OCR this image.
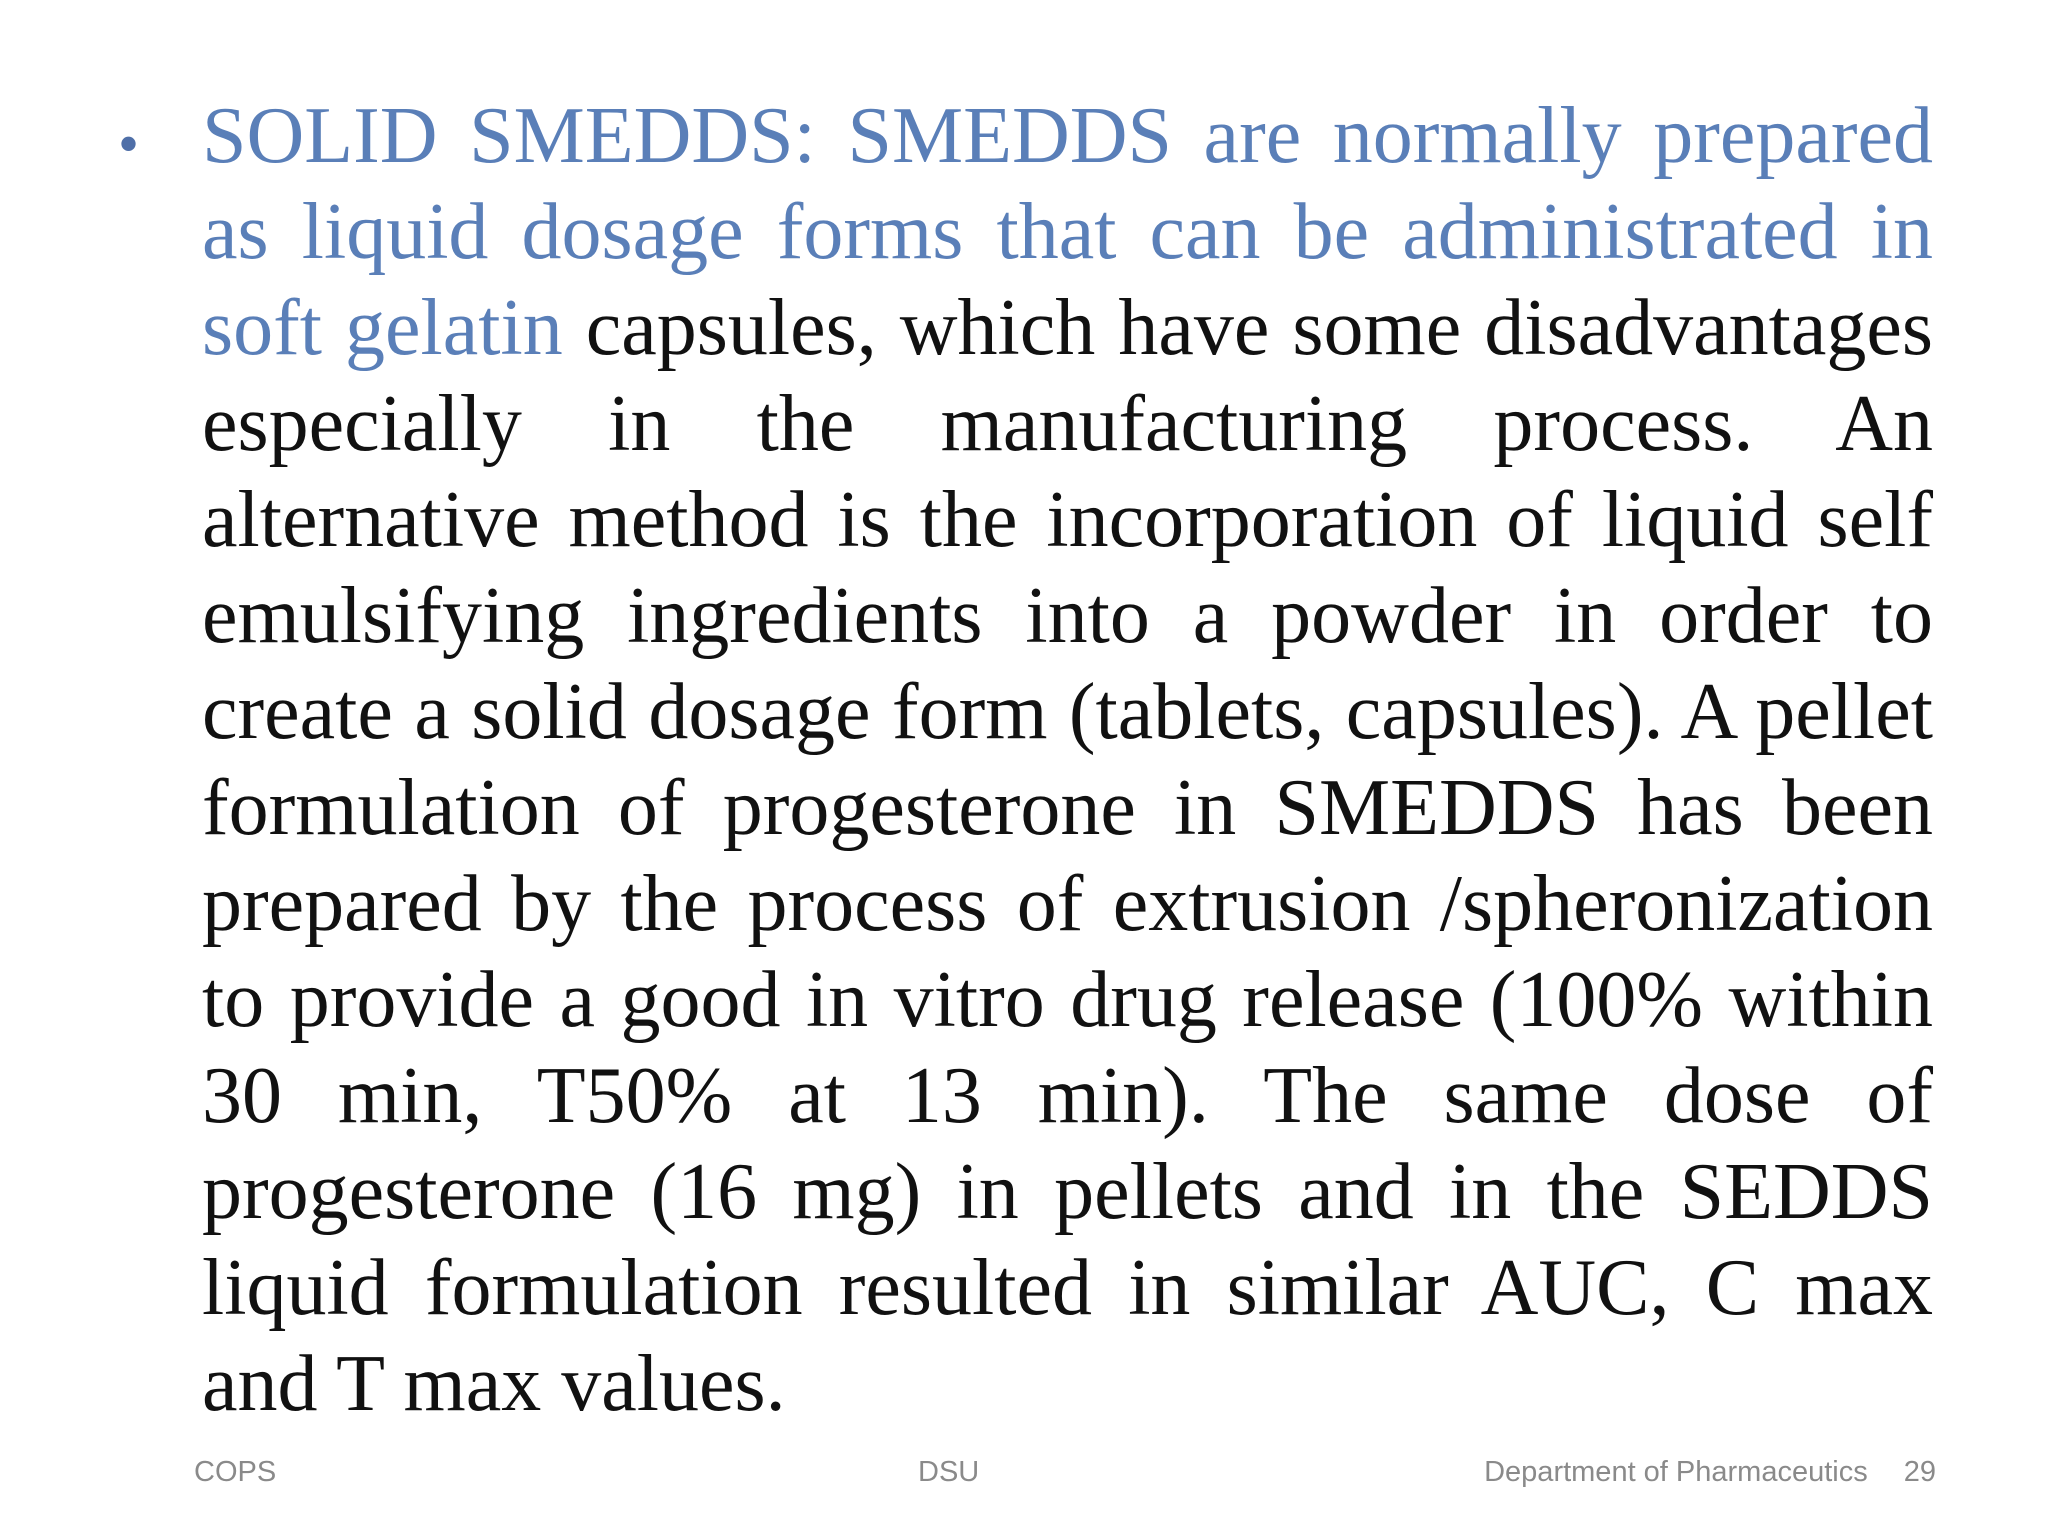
• SOLID SMEDDS: SMEDDS are normally prepared as liquid dosage forms that can be administrated in soft gelatin capsules, which have some disadvantages especially in the manufacturing process. An alternative method is the incorporation of liquid self emulsifying ingredients into a powder in order to create a solid dosage form (tablets, capsules). A pellet formulation of progesterone in SMEDDS has been prepared by the process of extrusion /spheronization to provide a good in vitro drug release (100% within 30 min, T50% at 13 min). The same dose of progesterone (16 mg) in pellets and in the SEDDS liquid formulation resulted in similar AUC, C max and T max values.

COPS	DSU	Department of Pharmaceutics 29
